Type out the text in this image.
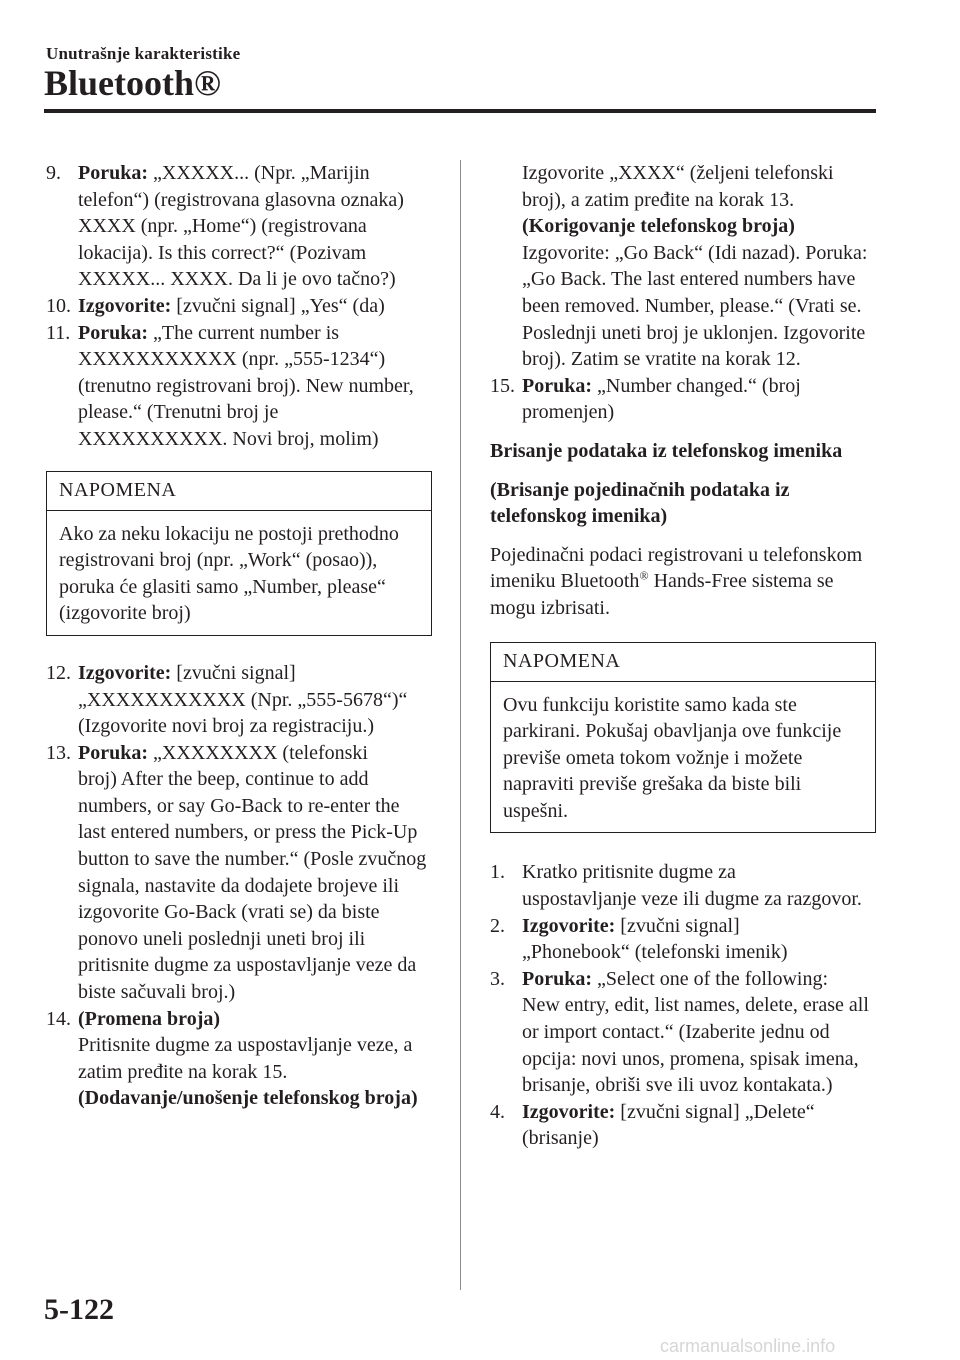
Unutrašnje karakteristike
Bluetooth®
9. Poruka: „XXXXX... (Npr. „Marijin
telefon“) (registrovana glasovna oznaka) XXXX (npr. „Home“) (registrovana lokacija). Is this correct?“ (Pozivam XXXXX... XXXX. Da li je ovo tačno?)
10. Izgovorite: [zvučni signal] „Yes“ (da)
11. Poruka: „The current number is
XXXXXXXXXXX (npr. „555-1234“) (trenutno registrovani broj). New number, please.“ (Trenutni broj je XXXXXXXXXX. Novi broj, molim)
NAPOMENA
Ako za neku lokaciju ne postoji prethodno registrovani broj (npr. „Work“ (posao)), poruka će glasiti samo „Number, please“ (izgovorite broj)
12. Izgovorite: [zvučni signal]
„XXXXXXXXXXX (Npr. „555-5678“)“ (Izgovorite novi broj za registraciju.)
13. Poruka: „XXXXXXXX (telefonski
broj) After the beep, continue to add numbers, or say Go-Back to re-enter the last entered numbers, or press the Pick-Up button to save the number.“ (Posle zvučnog signala, nastavite da dodajete brojeve ili izgovorite Go-Back (vrati se) da biste ponovo uneli poslednji uneti broj ili pritisnite dugme za uspostavljanje veze da biste sačuvali broj.)
14. (Promena broja)
Pritisnite dugme za uspostavljanje veze, a zatim pređite na korak 15.
(Dodavanje/unošenje telefonskog broja)
Izgovorite „XXXX“ (željeni telefonski broj), a zatim pređite na korak 13.
(Korigovanje telefonskog broja)
Izgovorite: „Go Back“ (Idi nazad). Poruka: „Go Back. The last entered numbers have been removed. Number, please.“ (Vrati se. Poslednji uneti broj je uklonjen. Izgovorite broj). Zatim se vratite na korak 12.
15. Poruka: „Number changed.“ (broj
promenjen)
Brisanje podataka iz telefonskog imenika
(Brisanje pojedinačnih podataka iz telefonskog imenika)
Pojedinačni podaci registrovani u telefonskom imeniku Bluetooth® Hands-Free sistema se mogu izbrisati.
NAPOMENA
Ovu funkciju koristite samo kada ste parkirani. Pokušaj obavljanja ove funkcije previše ometa tokom vožnje i možete napraviti previše grešaka da biste bili uspešni.
1. Kratko pritisnite dugme za
uspostavljanje veze ili dugme za razgovor.
2. Izgovorite: [zvučni signal]
„Phonebook“ (telefonski imenik)
3. Poruka: „Select one of the following:
New entry, edit, list names, delete, erase all or import contact.“ (Izaberite jednu od opcija: novi unos, promena, spisak imena, brisanje, obriši sve ili uvoz kontakata.)
4. Izgovorite: [zvučni signal] „Delete“
(brisanje)
5-122
carmanualsonline.info
